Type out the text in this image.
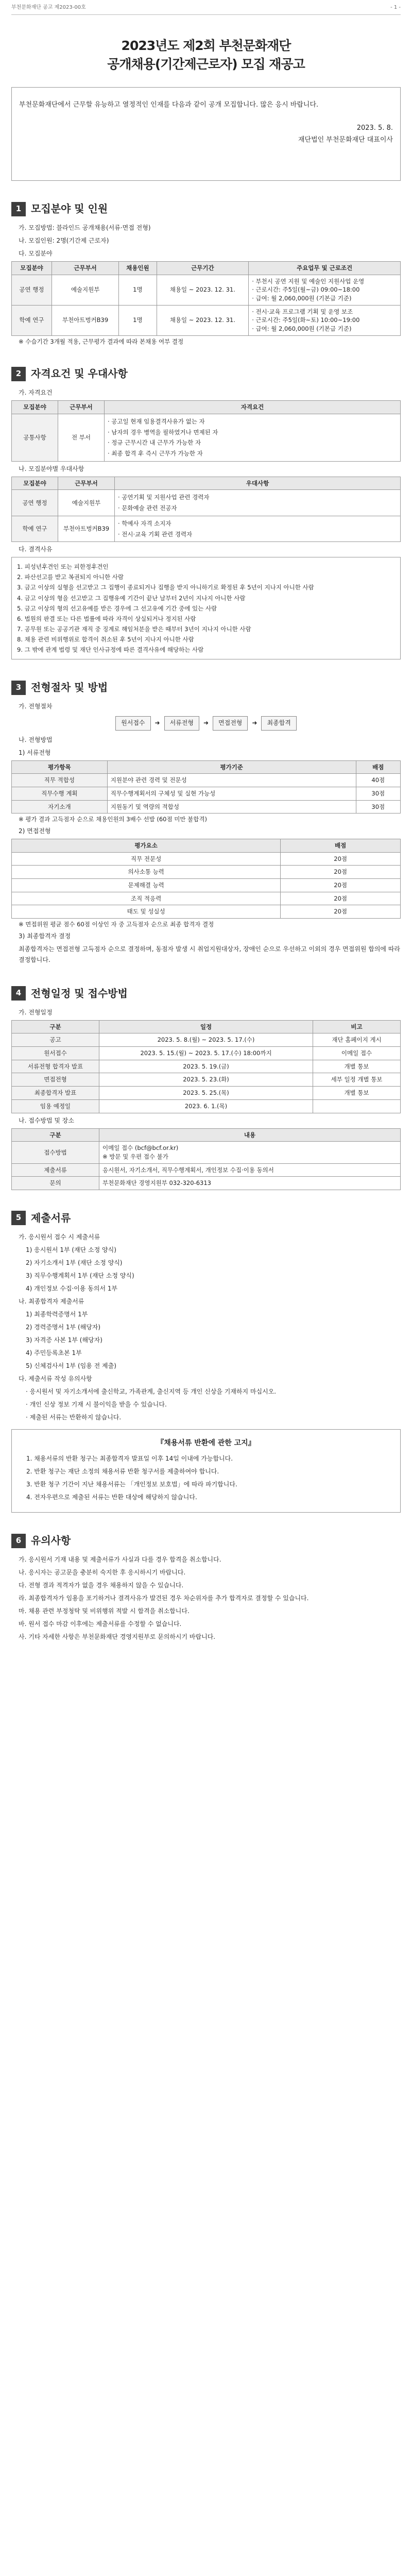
부천문화재단 공고 제2023-00호	- 1 -
2023년도 제2회 부천문화재단
공개채용(기간제근로자) 모집 재공고

부천문화재단에서 근무할 유능하고 열정적인 인재를 다음과 같이 공개 모집합니다. 많은 응시 바랍니다.

2023. 5. 8.
재단법인 부천문화재단 대표이사
1 모집분야 및 인원
가. 모집방법: 블라인드 공개채용(서류·면접 전형)
나. 모집인원: 2명(기간제 근로자)
다. 모집분야
모집분야	근무부서	채용인원	근무기간	주요업무 및 근로조건
공연 행정	예술지원부	1명	채용일 ~ 2023. 12. 31.	· 부천시 공연 지원 및 예술인 지원사업 운영
· 근로시간: 주5일(월~금) 09:00~18:00
· 급여: 월 2,060,000원 (기본급 기준)
학예 연구	부천아트벙커B39	1명	채용일 ~ 2023. 12. 31.	· 전시·교육 프로그램 기획 및 운영 보조
· 근로시간: 주5일(화~토) 10:00~19:00
· 급여: 월 2,060,000원 (기본급 기준)
※ 수습기간 3개월 적용, 근무평가 결과에 따라 본채용 여부 결정
2 자격요건 및 우대사항
가. 자격요건
모집분야	근무부서	자격요건
공통사항	전 부서	· 공고일 현재 임용결격사유가 없는 자
· 남자의 경우 병역을 필하였거나 면제된 자
· 정규 근무시간 내 근무가 가능한 자
· 최종 합격 후 즉시 근무가 가능한 자
나. 모집분야별 우대사항
모집분야	근무부서	우대사항
공연 행정	예술지원부	· 공연기획 및 지원사업 관련 경력자
· 문화예술 관련 전공자
학예 연구	부천아트벙커B39	· 학예사 자격 소지자
· 전시·교육 기획 관련 경력자
다. 결격사유
1. 피성년후견인 또는 피한정후견인
2. 파산선고를 받고 복권되지 아니한 사람
3. 금고 이상의 실형을 선고받고 그 집행이 종료되거나 집행을 받지 아니하기로 확정된 후 5년이 지나지 아니한 사람
4. 금고 이상의 형을 선고받고 그 집행유예 기간이 끝난 날부터 2년이 지나지 아니한 사람
5. 금고 이상의 형의 선고유예를 받은 경우에 그 선고유예 기간 중에 있는 사람
6. 법원의 판결 또는 다른 법률에 따라 자격이 상실되거나 정지된 사람
7. 공무원 또는 공공기관 재직 중 징계로 해임처분을 받은 때부터 3년이 지나지 아니한 사람
8. 채용 관련 비위행위로 합격이 취소된 후 5년이 지나지 아니한 사람
9. 그 밖에 관계 법령 및 재단 인사규정에 따른 결격사유에 해당하는 사람
3 전형절차 및 방법
가. 전형절차
원서접수	➜	서류전형	➜	면접전형	➜	최종합격
나. 전형방법
1) 서류전형
평가항목	평가기준	배점
직무 적합성	지원분야 관련 경력 및 전문성	40점
직무수행 계획	직무수행계획서의 구체성 및 실현 가능성	30점
자기소개	지원동기 및 역량의 적합성	30점
※ 평가 결과 고득점자 순으로 채용인원의 3배수 선발 (60점 미만 불합격)
2) 면접전형
평가요소	배점
직무 전문성	20점
의사소통 능력	20점
문제해결 능력	20점
조직 적응력	20점
태도 및 성실성	20점
※ 면접위원 평균 점수 60점 이상인 자 중 고득점자 순으로 최종 합격자 결정
3) 최종합격자 결정
최종합격자는 면접전형 고득점자 순으로 결정하며, 동점자 발생 시 취업지원대상자, 장애인 순으로 우선하고 이외의 경우 면접위원 합의에 따라 결정합니다.
4 전형일정 및 접수방법
가. 전형일정
구분	일정	비고
공고	2023. 5. 8.(월) ~ 2023. 5. 17.(수)	재단 홈페이지 게시
원서접수	2023. 5. 15.(월) ~ 2023. 5. 17.(수) 18:00까지	이메일 접수
서류전형 합격자 발표	2023. 5. 19.(금)	개별 통보
면접전형	2023. 5. 23.(화)	세부 일정 개별 통보
최종합격자 발표	2023. 5. 25.(목)	개별 통보
임용 예정일	2023. 6. 1.(목)	
나. 접수방법 및 장소
구분	내용
접수방법	이메일 접수 (bcf@bcf.or.kr)
※ 방문 및 우편 접수 불가
제출서류	응시원서, 자기소개서, 직무수행계획서, 개인정보 수집·이용 동의서
문의	부천문화재단 경영지원부 032-320-6313
5 제출서류
가. 응시원서 접수 시 제출서류
1) 응시원서 1부 (재단 소정 양식)
2) 자기소개서 1부 (재단 소정 양식)
3) 직무수행계획서 1부 (재단 소정 양식)
4) 개인정보 수집·이용 동의서 1부
나. 최종합격자 제출서류
1) 최종학력증명서 1부
2) 경력증명서 1부 (해당자)
3) 자격증 사본 1부 (해당자)
4) 주민등록초본 1부
5) 신체검사서 1부 (임용 전 제출)
다. 제출서류 작성 유의사항
· 응시원서 및 자기소개서에 출신학교, 가족관계, 출신지역 등 개인 신상을 기재하지 마십시오.
· 개인 신상 정보 기재 시 불이익을 받을 수 있습니다.
· 제출된 서류는 반환하지 않습니다.
『채용서류 반환에 관한 고지』
1. 채용서류의 반환 청구는 최종합격자 발표일 이후 14일 이내에 가능합니다.
2. 반환 청구는 재단 소정의 채용서류 반환 청구서를 제출하여야 합니다.
3. 반환 청구 기간이 지난 채용서류는 「개인정보 보호법」에 따라 파기합니다.
4. 전자우편으로 제출된 서류는 반환 대상에 해당하지 않습니다.
6 유의사항
가. 응시원서 기재 내용 및 제출서류가 사실과 다를 경우 합격을 취소합니다.
나. 응시자는 공고문을 충분히 숙지한 후 응시하시기 바랍니다.
다. 전형 결과 적격자가 없을 경우 채용하지 않을 수 있습니다.
라. 최종합격자가 임용을 포기하거나 결격사유가 발견된 경우 차순위자를 추가 합격자로 결정할 수 있습니다.
마. 채용 관련 부정청탁 및 비위행위 적발 시 합격을 취소합니다.
바. 원서 접수 마감 이후에는 제출서류를 수정할 수 없습니다.
사. 기타 자세한 사항은 부천문화재단 경영지원부로 문의하시기 바랍니다.
